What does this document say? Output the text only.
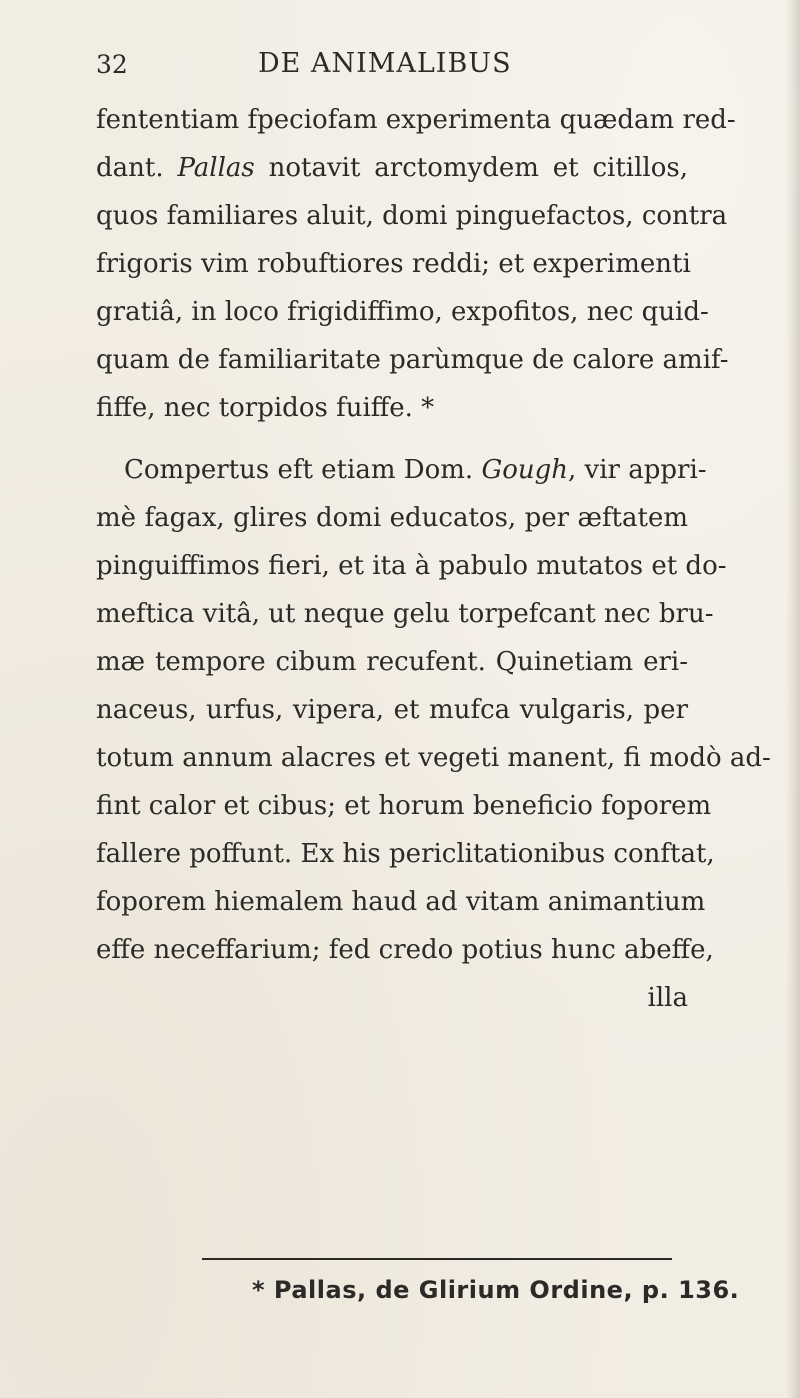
32	DE ANIMALIBUS
fententiam fpeciofam experimenta quædam red-
dant. Pallas notavit arctomydem et citillos,
quos familiares aluit, domi pinguefactos, contra
frigoris vim robuftiores reddi; et experimenti
gratiâ, in loco frigidiffimo, expofitos, nec quid-
quam de familiaritate parùmque de calore amif-
fiffe, nec torpidos fuiffe. *
Compertus eft etiam Dom. Gough, vir appri-
mè fagax, glires domi educatos, per æftatem
pinguiffimos fieri, et ita à pabulo mutatos et do-
meftica vitâ, ut neque gelu torpefcant nec bru-
mæ tempore cibum recufent. Quinetiam eri-
naceus, urfus, vipera, et mufca vulgaris, per
totum annum alacres et vegeti manent, fi modò ad-
fint calor et cibus; et horum beneficio foporem
fallere poffunt. Ex his periclitationibus conftat,
foporem hiemalem haud ad vitam animantium
effe neceffarium; fed credo potius hunc abeffe,
illa
* Pallas, de Glirium Ordine, p. 136.
